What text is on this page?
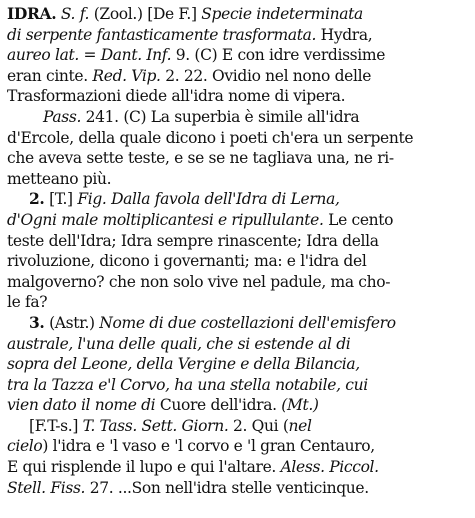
IDRA. S. f. (Zool.) [De F.] Specie indeterminata
di serpente fantasticamente trasformata. Hydra,
aureo lat. = Dant. Inf. 9. (C) E con idre verdissime
eran cinte. Red. Vip. 2. 22. Ovidio nel nono delle
Trasformazioni diede all'idra nome di vipera.
Pass. 241. (C) La superbia è simile all'idra
d'Ercole, della quale dicono i poeti ch'era un serpente
che aveva sette teste, e se se ne tagliava una, ne ri-
metteano più.
2. [T.] Fig. Dalla favola dell'Idra di Lerna,
d'Ogni male moltiplicantesi e ripullulante. Le cento
teste dell'Idra; Idra sempre rinascente; Idra della
rivoluzione, dicono i governanti; ma: e l'idra del
malgoverno? che non solo vive nel padule, ma cho-
le fa?
3. (Astr.) Nome di due costellazioni dell'emisfero
australe, l'una delle quali, che si estende al di
sopra del Leone, della Vergine e della Bilancia,
tra la Tazza e'l Corvo, ha una stella notabile, cui
vien dato il nome di Cuore dell'idra. (Mt.)
[F.T-s.] T. Tass. Sett. Giorn. 2. Qui (nel
cielo) l'idra e 'l vaso e 'l corvo e 'l gran Centauro,
E qui risplende il lupo e qui l'altare. Aless. Piccol.
Stell. Fiss. 27. ...Son nell'idra stelle venticinque.
